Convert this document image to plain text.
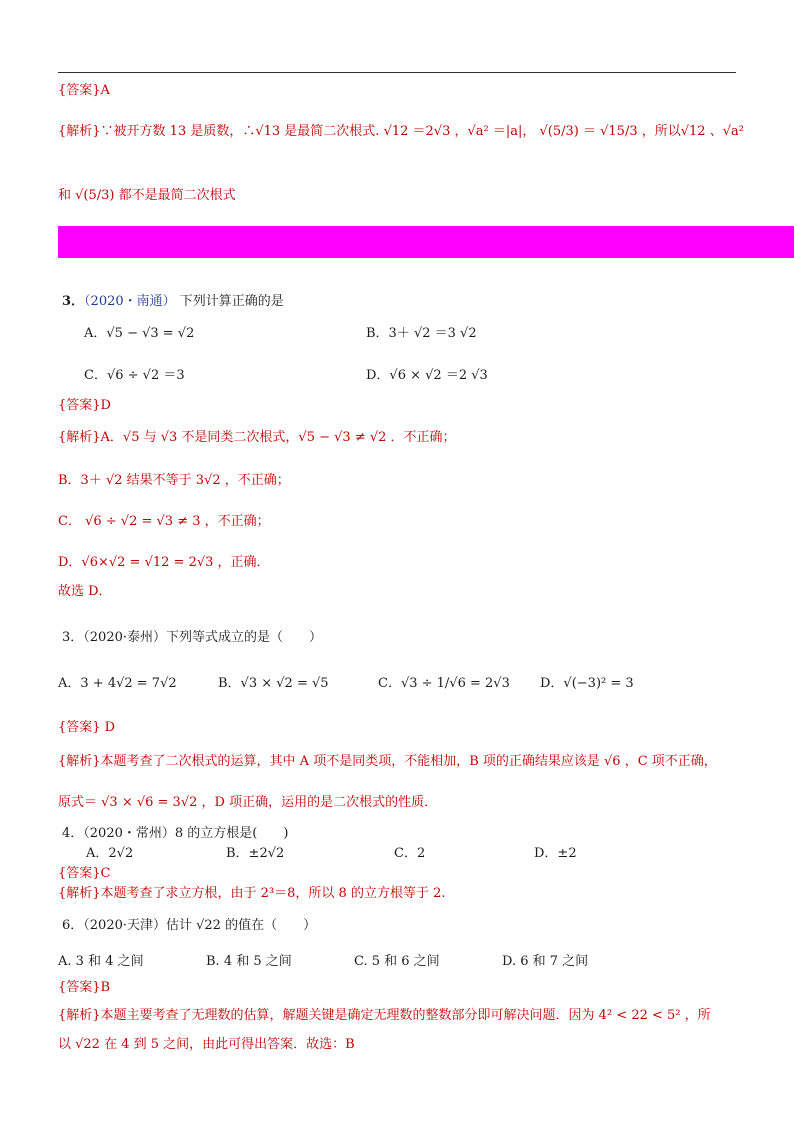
{答案}A
{解析}∵被开方数 13 是质数，∴√13 是最简二次根式. √12 ＝2√3 ，√a² ＝|a|， √(5/3) ＝ √15/3 ，所以√12 、√a²
和 √(5/3) 都不是最简二次根式
3．（2020・南通） 下列计算正确的是
A．√5 − √3 = √2	B．3＋ √2 ＝3 √2
C．√6 ÷ √2 ＝3	D．√6 × √2 ＝2 √3
{答案}D
{解析}A．√5 与 √3 不是同类二次根式，√5 − √3 ≠ √2 ．不正确；
B．3＋ √2 结果不等于 3√2 ，不正确；
C． √6 ÷ √2 = √3 ≠ 3 ，不正确；
D．√6×√2 = √12 = 2√3 ，正确．
故选 D．
3．（2020·泰州）下列等式成立的是（　　）
A．3 + 4√2 = 7√2	B．√3 × √2 = √5	C．√3 ÷ 1/√6 = 2√3 D．√(−3)² = 3
{答案} D
{解析}本题考查了二次根式的运算，其中 A 项不是同类项，不能相加，B 项的正确结果应该是 √6 ，C 项不正确，
原式＝ √3 × √6 = 3√2 ，D 项正确，运用的是二次根式的性质．
4．（2020・常州）8 的立方根是(　　)
A．2√2	B．±2√2	C．2	D．±2
{答案}C
{解析}本题考查了求立方根，由于 2³＝8，所以 8 的立方根等于 2.
6．（2020·天津）估计 √22 的值在（　　）
A. 3 和 4 之间	B. 4 和 5 之间	C. 5 和 6 之间	D. 6 和 7 之间
{答案}B
{解析}本题主要考查了无理数的估算，解题关键是确定无理数的整数部分即可解决问题．因为 4² < 22 < 5² ，所
以 √22 在 4 到 5 之间，由此可得出答案．故选：B
